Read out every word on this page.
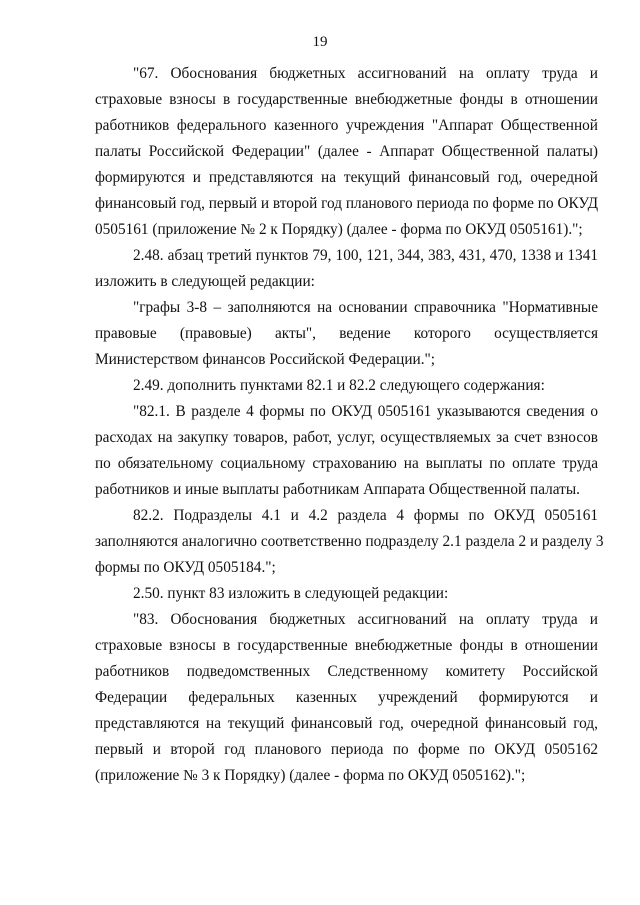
19
"67. Обоснования бюджетных ассигнований на оплату труда и
страховые взносы в государственные внебюджетные фонды в отношении
работников федерального казенного учреждения "Аппарат Общественной
палаты Российской Федерации" (далее - Аппарат Общественной палаты)
формируются и представляются на текущий финансовый год, очередной
финансовый год, первый и второй год планового периода по форме по ОКУД
0505161 (приложение № 2 к Порядку) (далее - форма по ОКУД 0505161).";
2.48. абзац третий пунктов 79, 100, 121, 344, 383, 431, 470, 1338 и 1341
изложить в следующей редакции:
"графы 3-8 – заполняются на основании справочника "Нормативные
правовые (правовые) акты", ведение которого осуществляется
Министерством финансов Российской Федерации.";
2.49. дополнить пунктами 82.1 и 82.2 следующего содержания:
"82.1. В разделе 4 формы по ОКУД 0505161 указываются сведения о
расходах на закупку товаров, работ, услуг, осуществляемых за счет взносов
по обязательному социальному страхованию на выплаты по оплате труда
работников и иные выплаты работникам Аппарата Общественной палаты.
82.2. Подразделы 4.1 и 4.2 раздела 4 формы по ОКУД 0505161
заполняются аналогично соответственно подразделу 2.1 раздела 2 и разделу 3
формы по ОКУД 0505184.";
2.50. пункт 83 изложить в следующей редакции:
"83. Обоснования бюджетных ассигнований на оплату труда и
страховые взносы в государственные внебюджетные фонды в отношении
работников подведомственных Следственному комитету Российской
Федерации федеральных казенных учреждений формируются и
представляются на текущий финансовый год, очередной финансовый год,
первый и второй год планового периода по форме по ОКУД 0505162
(приложение № 3 к Порядку) (далее - форма по ОКУД 0505162).";
